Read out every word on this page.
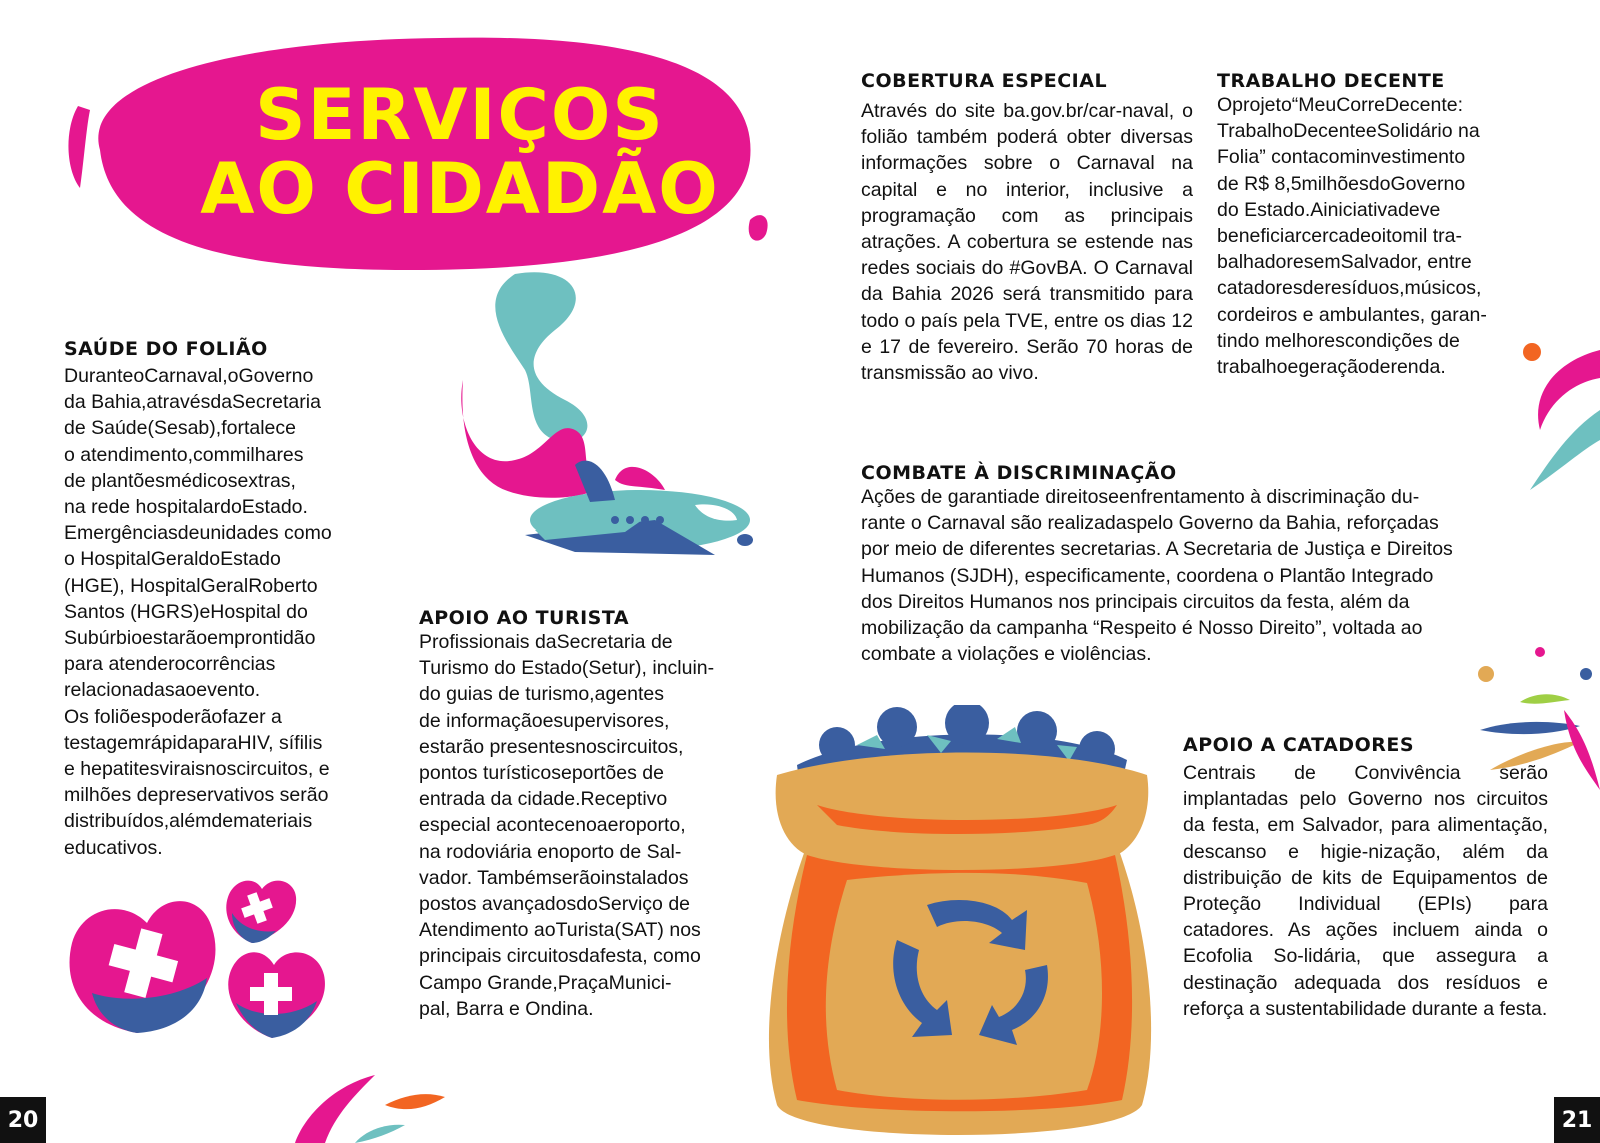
SERVIÇOS
AO CIDADÃO
SAÚDE DO FOLIÃO
DuranteoCarnaval,oGoverno
da Bahia,atravésdaSecretaria
de Saúde(Sesab),fortalece
o atendimento,commilhares
de plantõesmédicosextras,
na rede hospitalardoEstado.
Emergênciasdeunidades como
o HospitalGeraldoEstado
(HGE), HospitalGeralRoberto
Santos (HGRS)eHospital do
Subúrbioestarãoemprontidão
para atenderocorrências
relacionadasaoevento.
Os foliõespoderãofazer a
testagemrápidaparaHIV, sífilis
e hepatitesviraisnoscircuitos, e
milhões depreservativos serão
distribuídos,alémdemateriais
educativos.
APOIO AO TURISTA
Profissionais daSecretaria de
Turismo do Estado(Setur), incluin-
do guias de turismo,agentes
de informaçãoesupervisores,
estarão presentesnoscircuitos,
pontos turísticoseportões de
entrada da cidade.Receptivo
especial acontecenoaeroporto,
na rodoviária enoporto de Sal-
vador. Tambémserãoinstalados
postos avançadosdoServiço de
Atendimento aoTurista(SAT) nos
principais circuitosdafesta, como
Campo Grande,PraçaMunici-
pal, Barra e Ondina.
COBERTURA ESPECIAL

Através do site ba.gov.br/car-naval, o folião também poderá obter diversas informações sobre o Carnaval na capital e no interior, inclusive a programação com as principais atrações. A cobertura se estende nas redes sociais do #GovBA. O Carnaval da Bahia 2026 será transmitido para todo o país pela TVE, entre os dias 12 e 17 de fevereiro. Serão 70 horas de transmissão ao vivo.

TRABALHO DECENTE
Oprojeto“MeuCorreDecente:
TrabalhoDecenteeSolidário na
Folia” contacominvestimento
de R$ 8,5milhõesdoGoverno
do Estado.Ainiciativadeve
beneficiarcercadeoitomil tra-
balhadoresemSalvador, entre
catadoresderesíduos,músicos,
cordeiros e ambulantes, garan-
tindo melhorescondições de
trabalhoegeraçãoderenda.
COMBATE À DISCRIMINAÇÃO
Ações de garantiade direitoseenfrentamento à discriminação du-
rante o Carnaval são realizadaspelo Governo da Bahia, reforçadas
por meio de diferentes secretarias. A Secretaria de Justiça e Direitos
Humanos (SJDH), especificamente, coordena o Plantão Integrado
dos Direitos Humanos nos principais circuitos da festa, além da
mobilização da campanha “Respeito é Nosso Direito”, voltada ao
combate a violações e violências.
APOIO A CATADORES

Centrais de Convivência serão implantadas pelo Governo nos circuitos da festa, em Salvador, para alimentação, descanso e higie-nização, além da distribuição de kits de Equipamentos de Proteção Individual (EPIs) para catadores. As ações incluem ainda o Ecofolia So-lidária, que assegura a destinação adequada dos resíduos e reforça a sustentabilidade durante a festa.

20	21
